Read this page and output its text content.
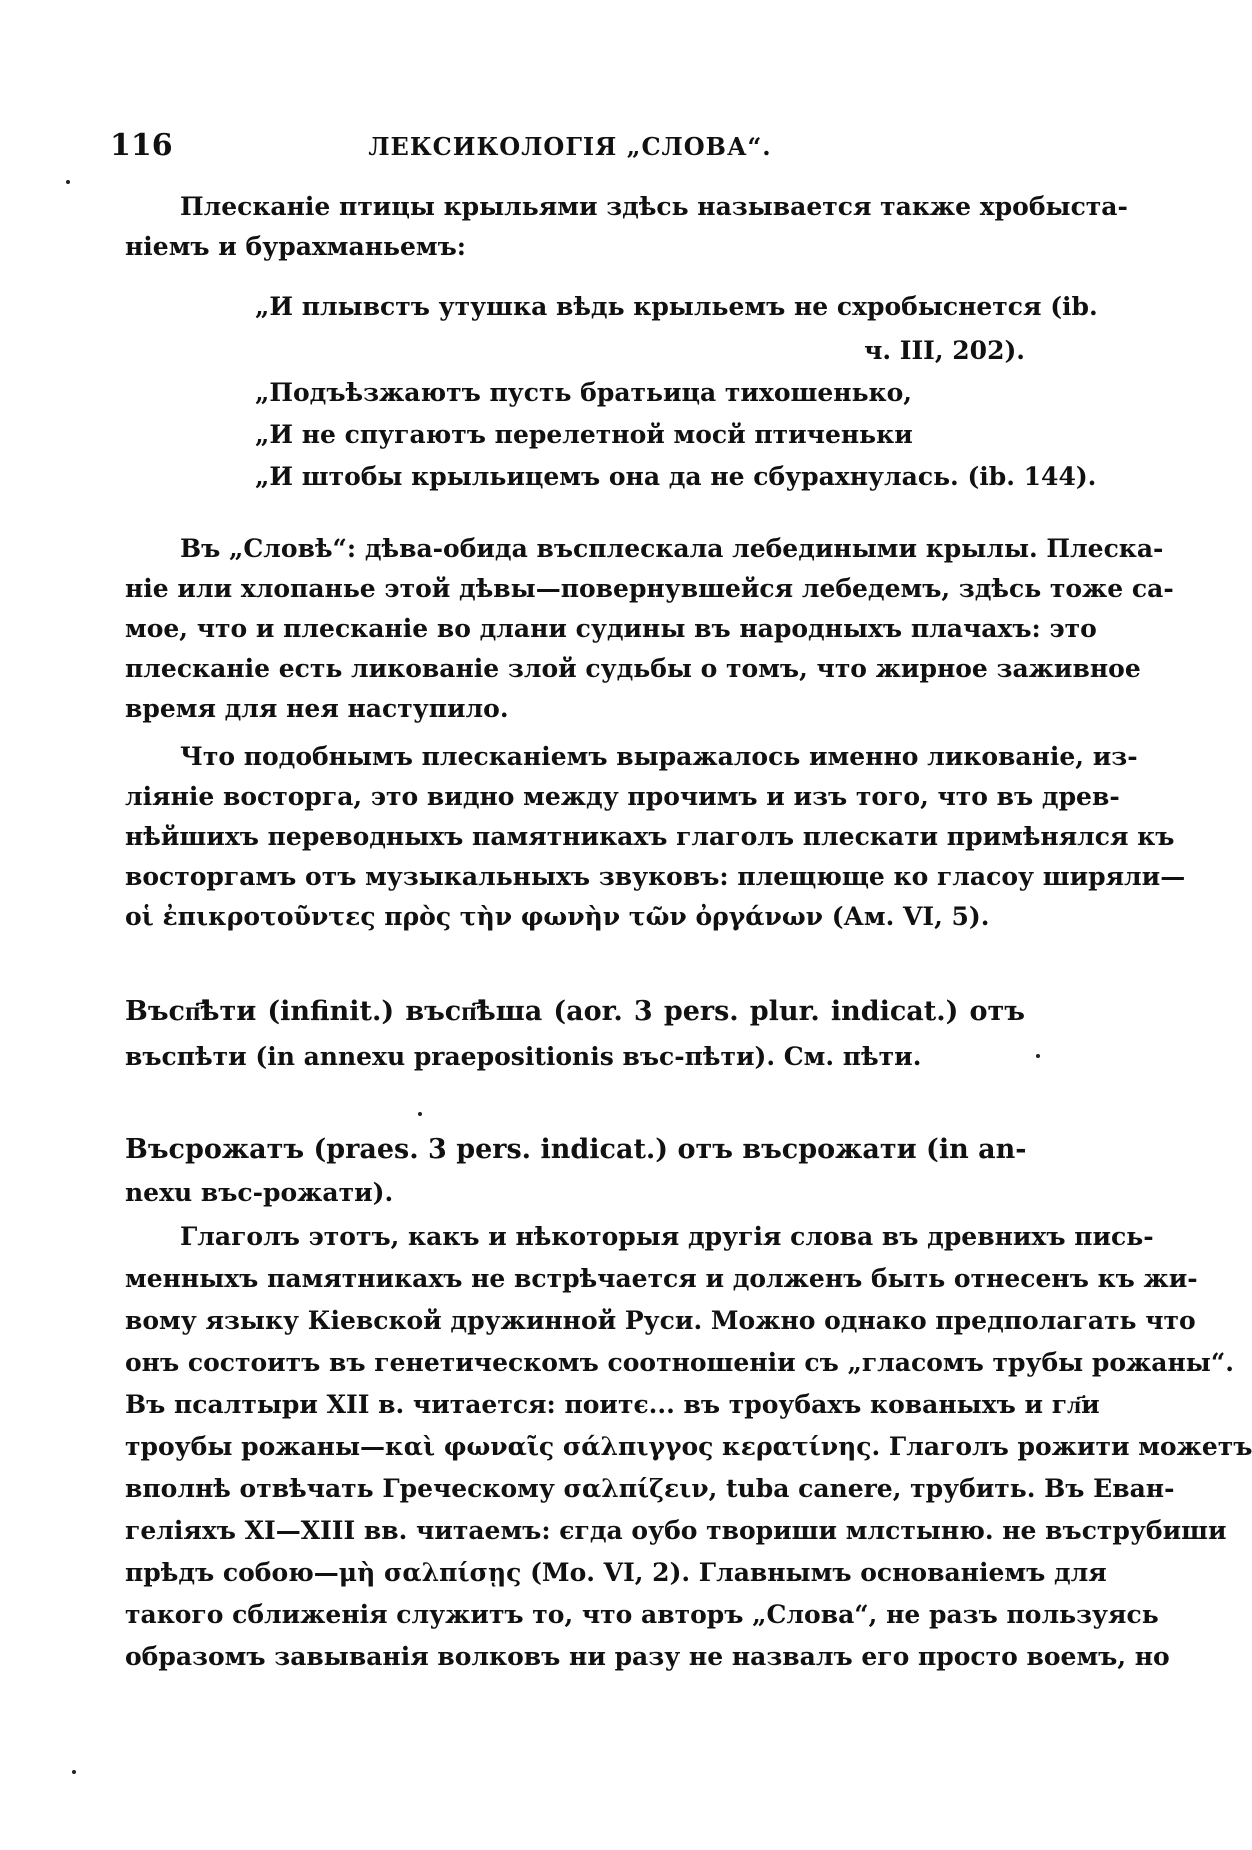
116	ЛЕКСИКОЛОГІЯ „СЛОВА“.
Плесканіе птицы крыльями здѣсь называется также хробыста-
ніемъ и бурахманьемъ:
„И плывстъ утушка вѣдь крыльемъ не схробыснется (ib.
ч. III, 202).
„Подъѣзжаютъ пусть братьица тихошенько,
„И не спугаютъ перелетной мосй птиченьки
„И штобы крыльицемъ она да не сбурахнулась. (ib. 144).
Въ „Словѣ“: дѣва-обида въсплескала лебедиными крылы. Плеска-
ніе или хлопанье этой дѣвы—повернувшейся лебедемъ, здѣсь тоже са-
мое, что и плесканіе во длани судины въ народныхъ плачахъ: это
плесканіе есть ликованіе злой судьбы о томъ, что жирное заживное
время для нея наступило.
Что подобнымъ плесканіемъ выражалось именно ликованіе, из-
ліяніе восторга, это видно между прочимъ и изъ того, что въ древ-
нѣйшихъ переводныхъ памятникахъ глаголъ плескати примѣнялся къ
восторгамъ отъ музыкальныхъ звуковъ: плещюще ко гласоу ширяли—
οἱ ἐπικροτοῦντες πρὸς τὴν φωνὴν τῶν ὀργάνων (Ам. VI, 5).
Въсп҃ѣти (infinit.) въсп҃ѣша (aor. 3 pers. plur. indicat.) отъ
въспѣти (in annexu praepositionis въс-пѣти). См. пѣти.
Въсрожатъ (praes. 3 pers. indicat.) отъ въсрожати (in an-
nexu въс-рожати).
Глаголъ этотъ, какъ и нѣкоторыя другія слова въ древнихъ пись-
менныхъ памятникахъ не встрѣчается и долженъ быть отнесенъ къ жи-
вому языку Кіевской дружинной Руси. Можно однако предполагать что
онъ состоитъ въ генетическомъ соотношеніи съ „гласомъ трубы рожаны“.
Въ псалтыри XII в. читается: поитє... въ троубахъ кованыхъ и гл҃и
троубы рожаны—καὶ φωναῖς σάλπιγγος κερατίνης. Глаголъ рожити можетъ
вполнѣ отвѣчать Греческому σαλπίζειν, tuba canere, трубить. Въ Еван-
геліяхъ XI—XIII вв. читаемъ: єгда оубо твориши млстыню. не въструбиши
прѣдъ собою—μὴ σαλπίσῃς (Мо. VI, 2). Главнымъ основаніемъ для
такого сближенія служитъ то, что авторъ „Слова“, не разъ пользуясь
образомъ завыванія волковъ ни разу не назвалъ его просто воемъ, но
